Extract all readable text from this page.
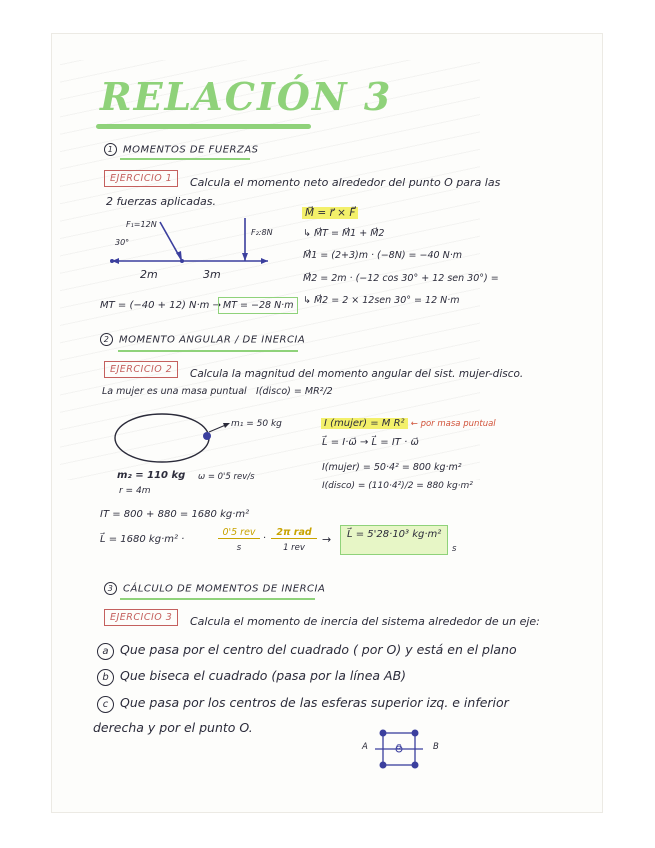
RELACIÓN 3
1 MOMENTOS DE FUERZAS
EJERCICIO 1	Calcula el momento neto alrededor del punto O para las
2 fuerzas aplicadas.
F₁=12N
30°
F₂:8N
2m	3m
M⃗ = r⃗ × F⃗
↳ M⃗T = M⃗1 + M⃗2
M⃗1 = (2+3)m · (−8N) = −40 N·m
M⃗2 = 2m · (−12 cos 30° + 12 sen 30°) =
↳ M⃗2 = 2 × 12sen 30° = 12 N·m
MT = (−40 + 12) N·m → MT = −28 N·m
2 MOMENTO ANGULAR / DE INERCIA
EJERCICIO 2	Calcula la magnitud del momento angular del sist. mujer-disco.
La mujer es una masa puntual I(disco) = MR²/2
m₁ = 50 kg
m₂ = 110 kg ω = 0'5 rev/s
r = 4m
I (mujer) = M R² ← por masa puntual
L⃗ = I·ω⃗ → L⃗ = IT · ω⃗
I(mujer) = 50·4² = 800 kg·m²
I(disco) = (110·4²)/2 = 880 kg·m²
IT = 800 + 880 = 1680 kg·m²
L⃗ = 1680 kg·m² ·
0'5 rev
s
·
2π rad
1 rev
→	L⃗ = 5'28·10³ kg·m²
s
3 CÁLCULO DE MOMENTOS DE INERCIA
EJERCICIO 3	Calcula el momento de inercia del sistema alrededor de un eje:
a Que pasa por el centro del cuadrado ( por O) y está en el plano
b Que biseca el cuadrado (pasa por la línea AB)
c Que pasa por los centros de las esferas superior izq. e inferior
derecha y por el punto O.
A	B
O
